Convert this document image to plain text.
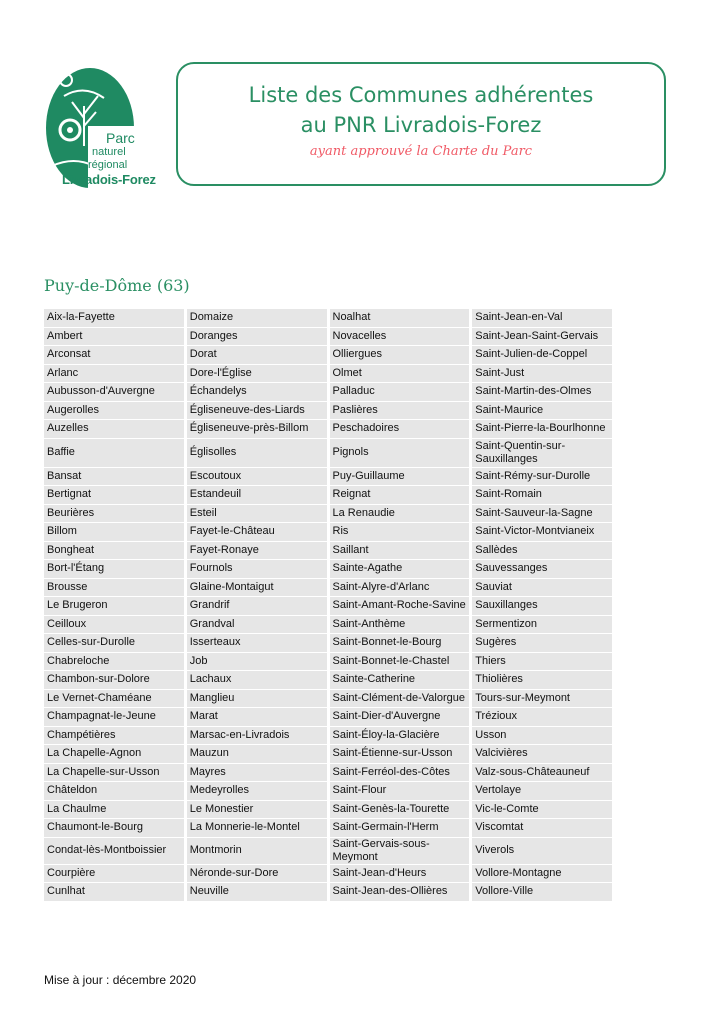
Parc
naturel
régional
Livradois-Forez
Liste des Communes adhérentes
au PNR Livradois-Forez
ayant approuvé la Charte du Parc
Puy-de-Dôme (63)
Aix-la-Fayette	Domaize	Noalhat	Saint-Jean-en-Val
Ambert	Doranges	Novacelles	Saint-Jean-Saint-Gervais
Arconsat	Dorat	Olliergues	Saint-Julien-de-Coppel
Arlanc	Dore-l'Église	Olmet	Saint-Just
Aubusson-d'Auvergne	Échandelys	Palladuc	Saint-Martin-des-Olmes
Augerolles	Égliseneuve-des-Liards	Paslières	Saint-Maurice
Auzelles	Égliseneuve-près-Billom	Peschadoires	Saint-Pierre-la-Bourlhonne
Baffie	Églisolles	Pignols	Saint-Quentin-sur-Sauxillanges
Bansat	Escoutoux	Puy-Guillaume	Saint-Rémy-sur-Durolle
Bertignat	Estandeuil	Reignat	Saint-Romain
Beurières	Esteil	La Renaudie	Saint-Sauveur-la-Sagne
Billom	Fayet-le-Château	Ris	Saint-Victor-Montvianeix
Bongheat	Fayet-Ronaye	Saillant	Sallèdes
Bort-l'Étang	Fournols	Sainte-Agathe	Sauvessanges
Brousse	Glaine-Montaigut	Saint-Alyre-d'Arlanc	Sauviat
Le Brugeron	Grandrif	Saint-Amant-Roche-Savine	Sauxillanges
Ceilloux	Grandval	Saint-Anthème	Sermentizon
Celles-sur-Durolle	Isserteaux	Saint-Bonnet-le-Bourg	Sugères
Chabreloche	Job	Saint-Bonnet-le-Chastel	Thiers
Chambon-sur-Dolore	Lachaux	Sainte-Catherine	Thiolières
Le Vernet-Chaméane	Manglieu	Saint-Clément-de-Valorgue	Tours-sur-Meymont
Champagnat-le-Jeune	Marat	Saint-Dier-d'Auvergne	Trézioux
Champétières	Marsac-en-Livradois	Saint-Éloy-la-Glacière	Usson
La Chapelle-Agnon	Mauzun	Saint-Étienne-sur-Usson	Valcivières
La Chapelle-sur-Usson	Mayres	Saint-Ferréol-des-Côtes	Valz-sous-Châteauneuf
Châteldon	Medeyrolles	Saint-Flour	Vertolaye
La Chaulme	Le Monestier	Saint-Genès-la-Tourette	Vic-le-Comte
Chaumont-le-Bourg	La Monnerie-le-Montel	Saint-Germain-l'Herm	Viscomtat
Condat-lès-Montboissier	Montmorin	Saint-Gervais-sous-Meymont	Viverols
Courpière	Néronde-sur-Dore	Saint-Jean-d'Heurs	Vollore-Montagne
Cunlhat	Neuville	Saint-Jean-des-Ollières	Vollore-Ville
Mise à jour : décembre 2020
